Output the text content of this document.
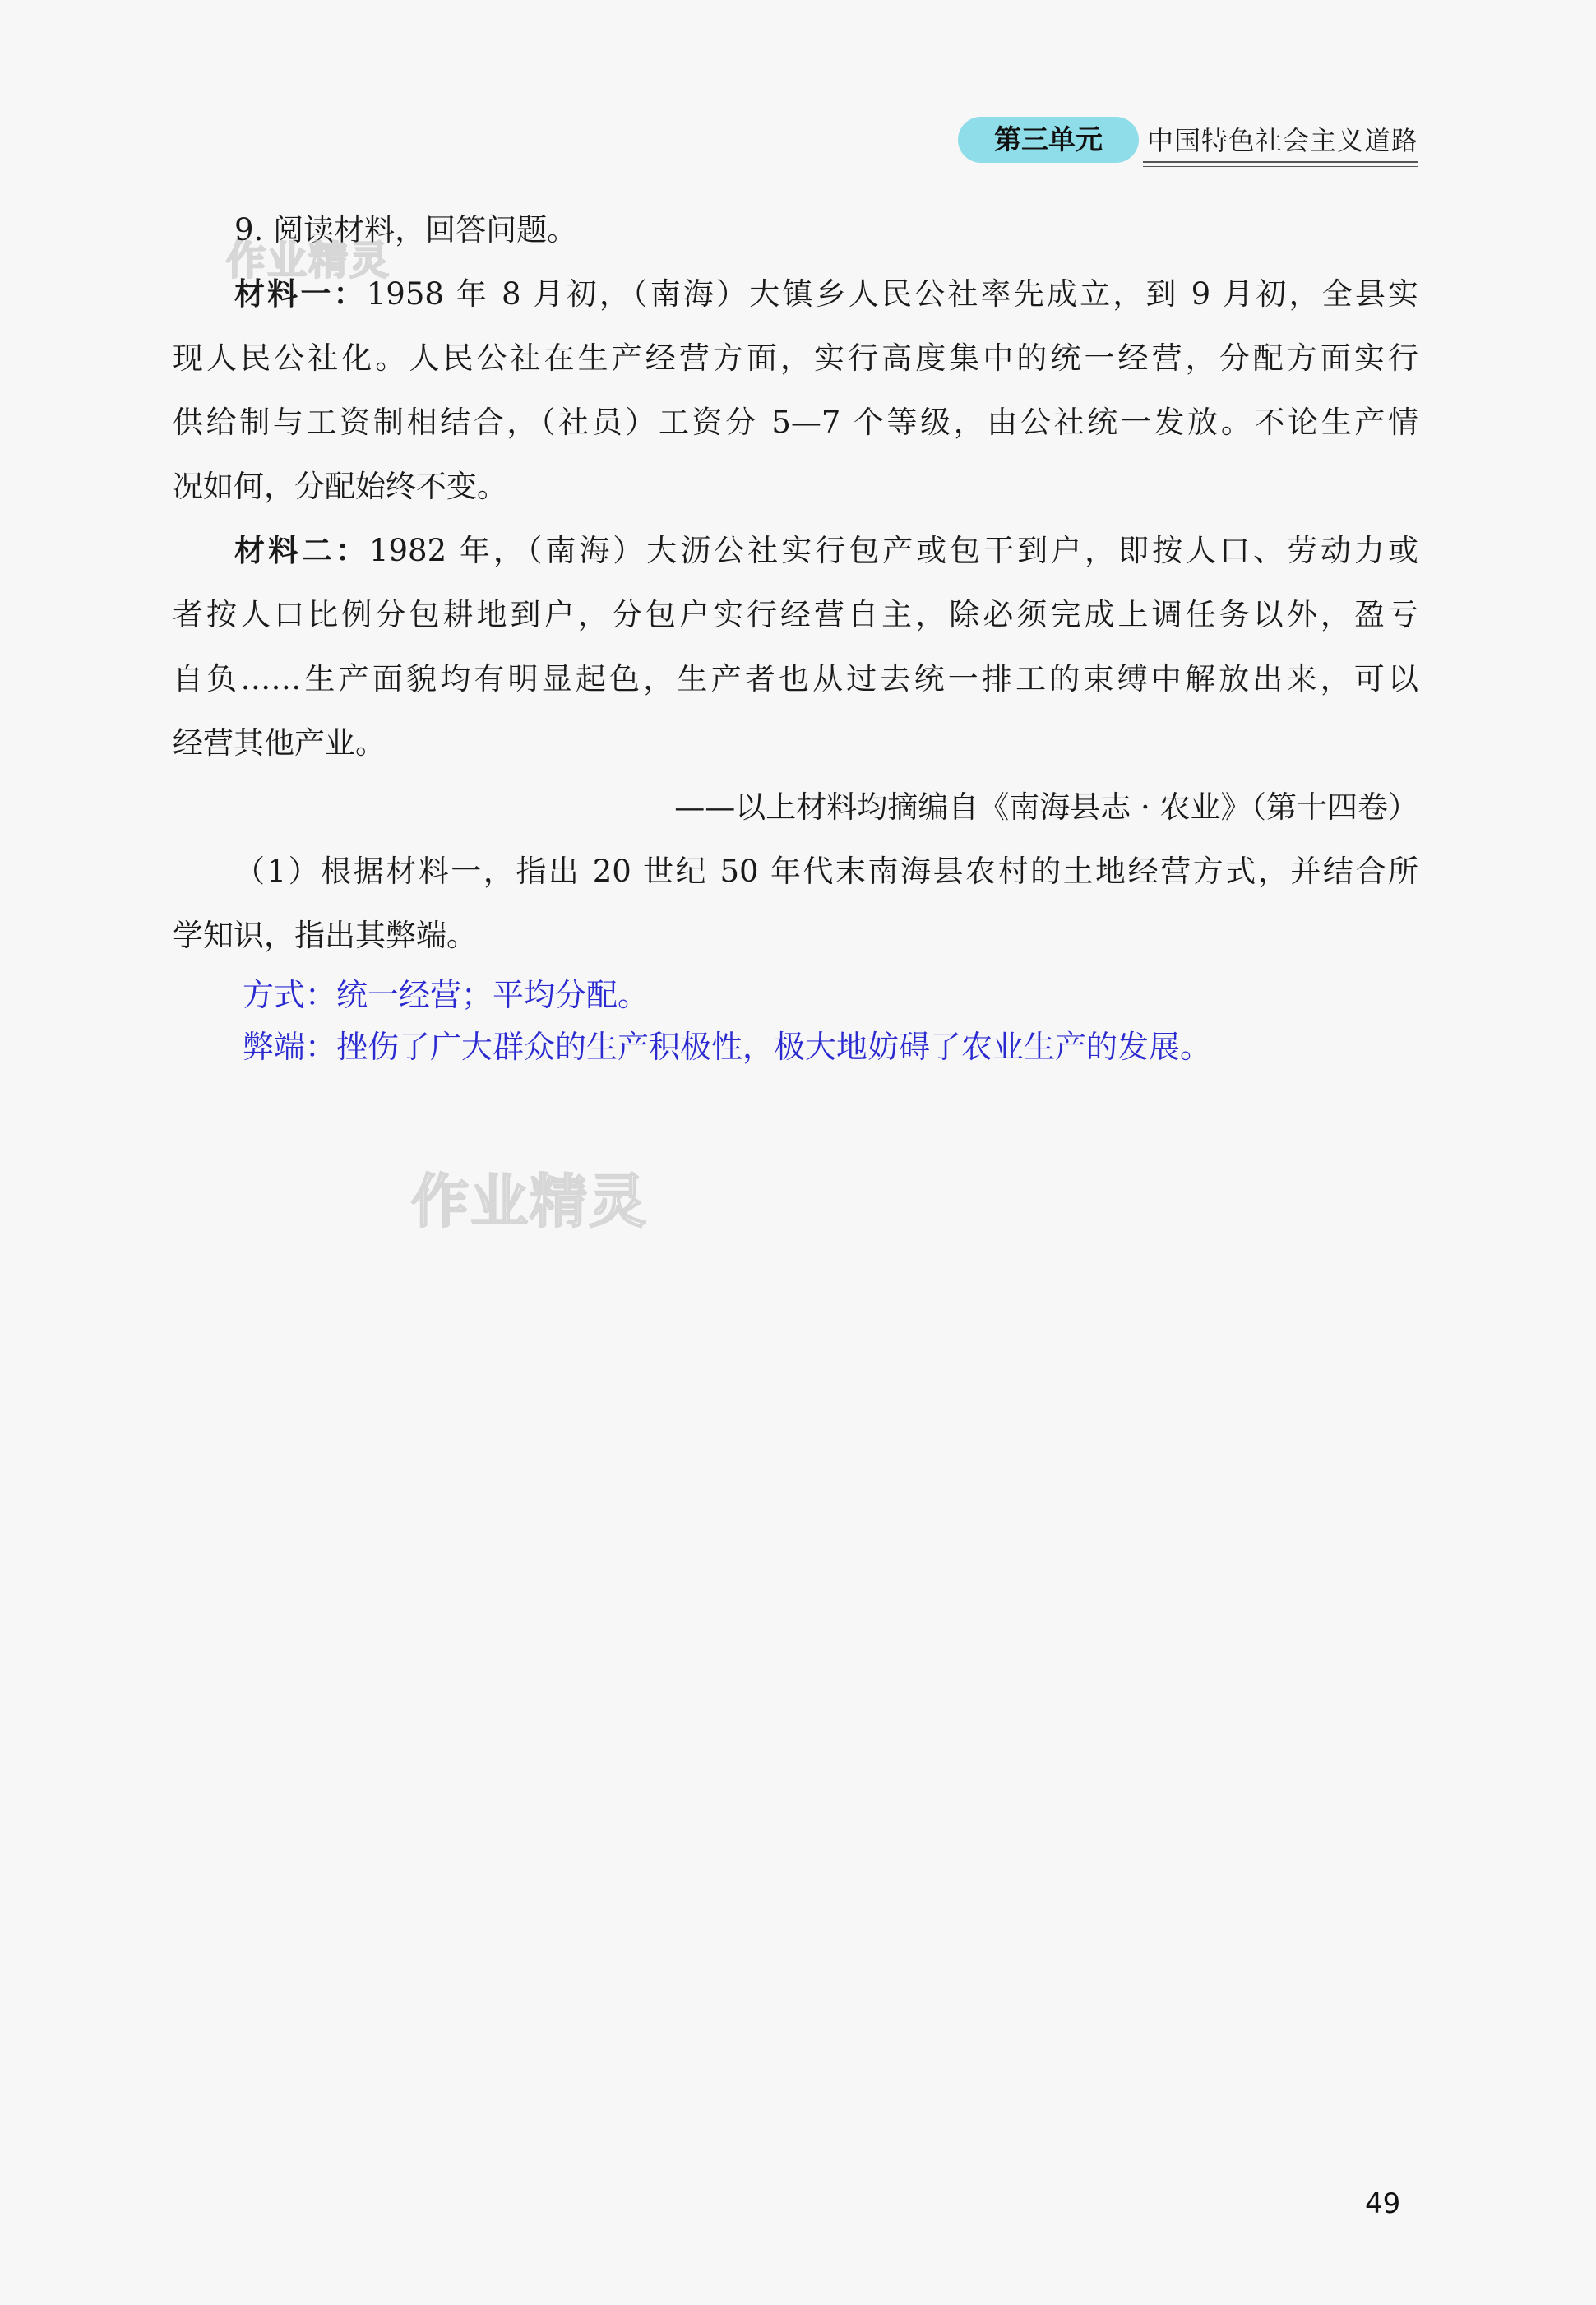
第三单元	中国特色社会主义道路
9. 阅读材料，回答问题。
材料一：1958 年 8 月初，（南海）大镇乡人民公社率先成立，到 9 月初，全县实
现人民公社化。人民公社在生产经营方面，实行高度集中的统一经营，分配方面实行
供给制与工资制相结合，（社员）工资分 5—7 个等级，由公社统一发放。不论生产情
况如何，分配始终不变。
材料二：1982 年，（南海）大沥公社实行包产或包干到户，即按人口、劳动力或
者按人口比例分包耕地到户，分包户实行经营自主，除必须完成上调任务以外，盈亏
自负……生产面貌均有明显起色，生产者也从过去统一排工的束缚中解放出来，可以
经营其他产业。
——以上材料均摘编自《南海县志 · 农业》（第十四卷）
（1）根据材料一，指出 20 世纪 50 年代末南海县农村的土地经营方式，并结合所
学知识，指出其弊端。
方式：统一经营；平均分配。
弊端：挫伤了广大群众的生产积极性，极大地妨碍了农业生产的发展。
作业精灵
作业精灵
49
